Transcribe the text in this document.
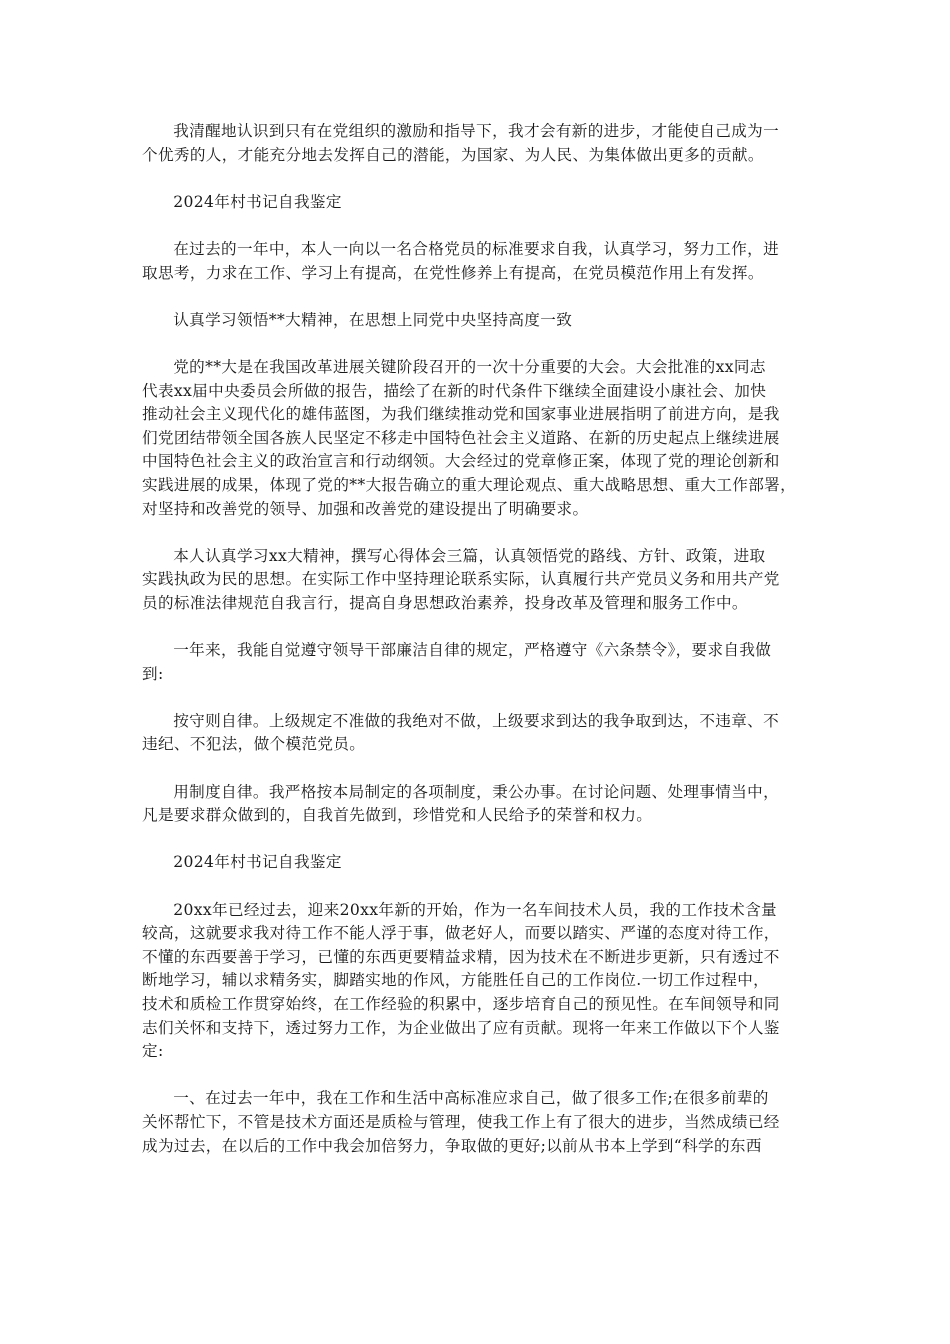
我清醒地认识到只有在党组织的激励和指导下，我才会有新的进步，才能使自己成为一
个优秀的人，才能充分地去发挥自己的潜能，为国家、为人民、为集体做出更多的贡献。

2024年村书记自我鉴定

在过去的一年中，本人一向以一名合格党员的标准要求自我，认真学习，努力工作，进
取思考，力求在工作、学习上有提高，在党性修养上有提高，在党员模范作用上有发挥。

认真学习领悟**大精神，在思想上同党中央坚持高度一致

党的**大是在我国改革进展关键阶段召开的一次十分重要的大会。大会批准的xx同志
代表xx届中央委员会所做的报告，描绘了在新的时代条件下继续全面建设小康社会、加快
推动社会主义现代化的雄伟蓝图，为我们继续推动党和国家事业进展指明了前进方向，是我
们党团结带领全国各族人民坚定不移走中国特色社会主义道路、在新的历史起点上继续进展
中国特色社会主义的政治宣言和行动纲领。大会经过的党章修正案，体现了党的理论创新和
实践进展的成果，体现了党的**大报告确立的重大理论观点、重大战略思想、重大工作部署，
对坚持和改善党的领导、加强和改善党的建设提出了明确要求。

本人认真学习xx大精神，撰写心得体会三篇，认真领悟党的路线、方针、政策，进取
实践执政为民的思想。在实际工作中坚持理论联系实际，认真履行共产党员义务和用共产党
员的标准法律规范自我言行，提高自身思想政治素养，投身改革及管理和服务工作中。

一年来，我能自觉遵守领导干部廉洁自律的规定，严格遵守《六条禁令》，要求自我做
到:

按守则自律。上级规定不准做的我绝对不做，上级要求到达的我争取到达，不违章、不
违纪、不犯法，做个模范党员。

用制度自律。我严格按本局制定的各项制度，秉公办事。在讨论问题、处理事情当中，
凡是要求群众做到的，自我首先做到，珍惜党和人民给予的荣誉和权力。

2024年村书记自我鉴定

20xx年已经过去，迎来20xx年新的开始，作为一名车间技术人员，我的工作技术含量
较高，这就要求我对待工作不能人浮于事，做老好人，而要以踏实、严谨的态度对待工作，
不懂的东西要善于学习，已懂的东西更要精益求精，因为技术在不断进步更新，只有透过不
断地学习，辅以求精务实，脚踏实地的作风，方能胜任自己的工作岗位.一切工作过程中，
技术和质检工作贯穿始终，在工作经验的积累中，逐步培育自己的预见性。在车间领导和同
志们关怀和支持下，透过努力工作，为企业做出了应有贡献。现将一年来工作做以下个人鉴
定:

一、在过去一年中，我在工作和生活中高标准应求自己，做了很多工作;在很多前辈的
关怀帮忙下，不管是技术方面还是质检与管理，使我工作上有了很大的进步，当然成绩已经
成为过去，在以后的工作中我会加倍努力，争取做的更好;以前从书本上学到“科学的东西
